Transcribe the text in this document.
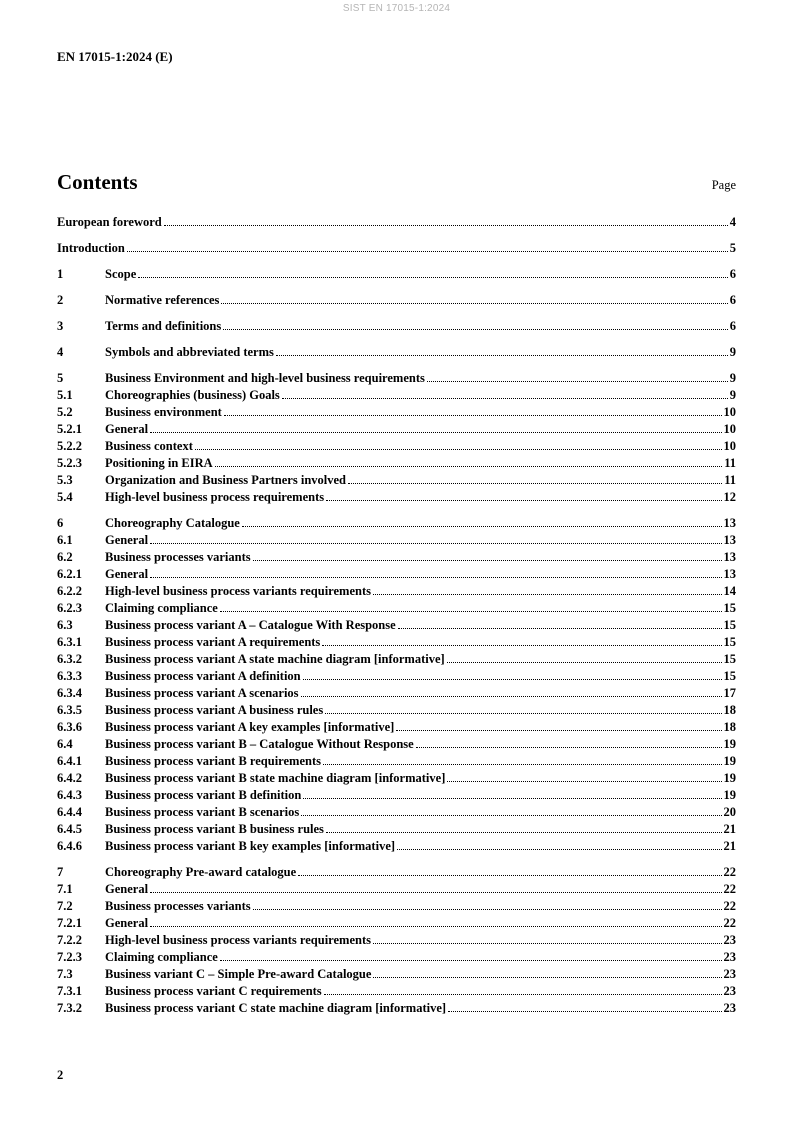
SIST EN 17015-1:2024
EN 17015-1:2024 (E)
Contents	Page
European foreword	4
Introduction	5
1	Scope	6
2	Normative references	6
3	Terms and definitions	6
4	Symbols and abbreviated terms	9
5	Business Environment and high-level business requirements	9
5.1	Choreographies (business) Goals	9
5.2	Business environment	10
5.2.1	General	10
5.2.2	Business context	10
5.2.3	Positioning in EIRA	11
5.3	Organization and Business Partners involved	11
5.4	High-level business process requirements	12
6	Choreography Catalogue	13
6.1	General	13
6.2	Business processes variants	13
6.2.1	General	13
6.2.2	High-level business process variants requirements	14
6.2.3	Claiming compliance	15
6.3	Business process variant A – Catalogue With Response	15
6.3.1	Business process variant A requirements	15
6.3.2	Business process variant A state machine diagram [informative]	15
6.3.3	Business process variant A definition	15
6.3.4	Business process variant A scenarios	17
6.3.5	Business process variant A business rules	18
6.3.6	Business process variant A key examples [informative]	18
6.4	Business process variant B – Catalogue Without Response	19
6.4.1	Business process variant B requirements	19
6.4.2	Business process variant B state machine diagram [informative]	19
6.4.3	Business process variant B definition	19
6.4.4	Business process variant B scenarios	20
6.4.5	Business process variant B business rules	21
6.4.6	Business process variant B key examples [informative]	21
7	Choreography Pre-award catalogue	22
7.1	General	22
7.2	Business processes variants	22
7.2.1	General	22
7.2.2	High-level business process variants requirements	23
7.2.3	Claiming compliance	23
7.3	Business variant C – Simple Pre-award Catalogue	23
7.3.1	Business process variant C requirements	23
7.3.2	Business process variant C state machine diagram [informative]	23
2
